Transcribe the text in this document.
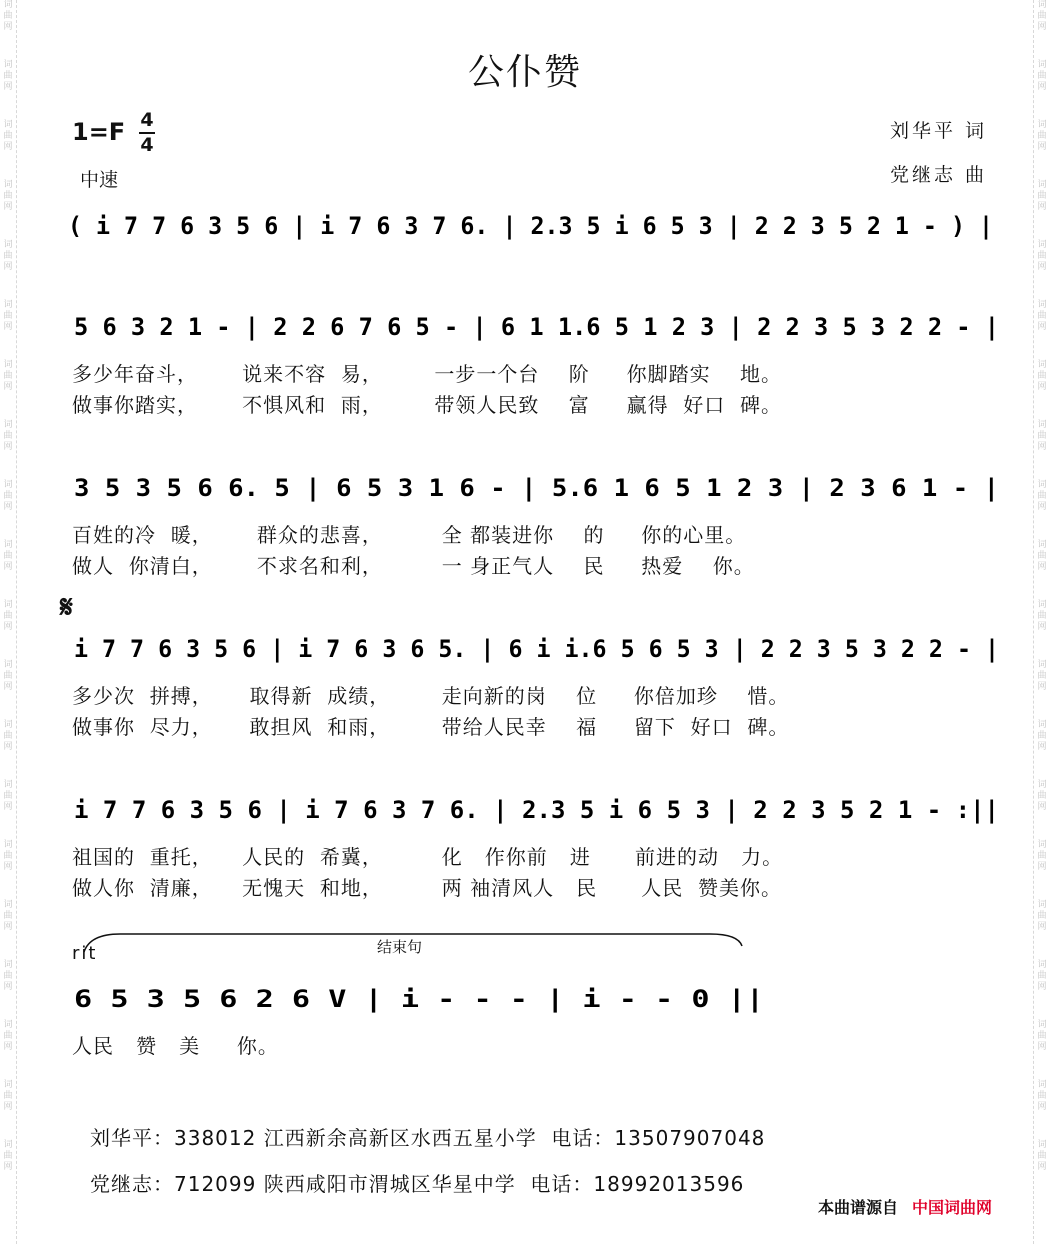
词曲网
词曲网
词曲网
词曲网
词曲网
词曲网
词曲网
词曲网
词曲网
词曲网
词曲网
词曲网
词曲网
词曲网
词曲网
词曲网
词曲网
词曲网
词曲网
词曲网
词曲网
词曲网
词曲网
词曲网
词曲网
词曲网
词曲网
词曲网
词曲网
词曲网
词曲网
词曲网
词曲网
词曲网
词曲网
词曲网
词曲网
词曲网
词曲网
词曲网
公仆赞
1=F 4
4
中速
刘华平 词
党继志 曲
( i 7 7 6 3 5 6 | i 7 6 3 7 6. | 2.3 5 i 6 5 3 | 2 2 3 5 2 1 - ) |
5 6 3 2 1 - | 2 2 6 7 6 5 - | 6 1 1.6 5 1 2 3 | 2 2 3 5 3 2 2 - |
多少年奋斗，      说来不容  易，       一步一个台    阶     你脚踏实    地。
做事你踏实，      不惧风和  雨，       带领人民致    富     赢得  好口  碑。
3 5 3 5 6 6. 5 | 6 5 3 1 6 - | 5.6 1 6 5 1 2 3 | 2 3 6 1 - |
百姓的冷  暖，      群众的悲喜，        全 都装进你    的     你的心里。
做人  你清白，      不求名和利，        一 身正气人    民     热爱    你。
𝄋
i 7 7 6 3 5 6 | i 7 6 3 6 5. | 6 i i.6 5 6 5 3 | 2 2 3 5 3 2 2 - |
多少次  拼搏，     取得新  成绩，       走向新的岗    位     你倍加珍    惜。
做事你  尽力，     敢担风  和雨，       带给人民幸    福     留下  好口  碑。
i 7 7 6 3 5 6 | i 7 6 3 7 6. | 2.3 5 i 6 5 3 | 2 2 3 5 2 1 - :||
祖国的  重托，    人民的  希冀，        化   作你前   进      前进的动   力。
做人你  清廉，    无愧天  和地，        两 袖清风人   民      人民  赞美你。
rit	结束句
6 5 3 5 6 2 6 V | i - - - | i - - 0 ||
人民   赞   美     你。
刘华平：338012 江西新余高新区水西五星小学  电话：13507907048
党继志：712099 陕西咸阳市渭城区华星中学  电话：18992013596
本曲谱源自 中国词曲网
